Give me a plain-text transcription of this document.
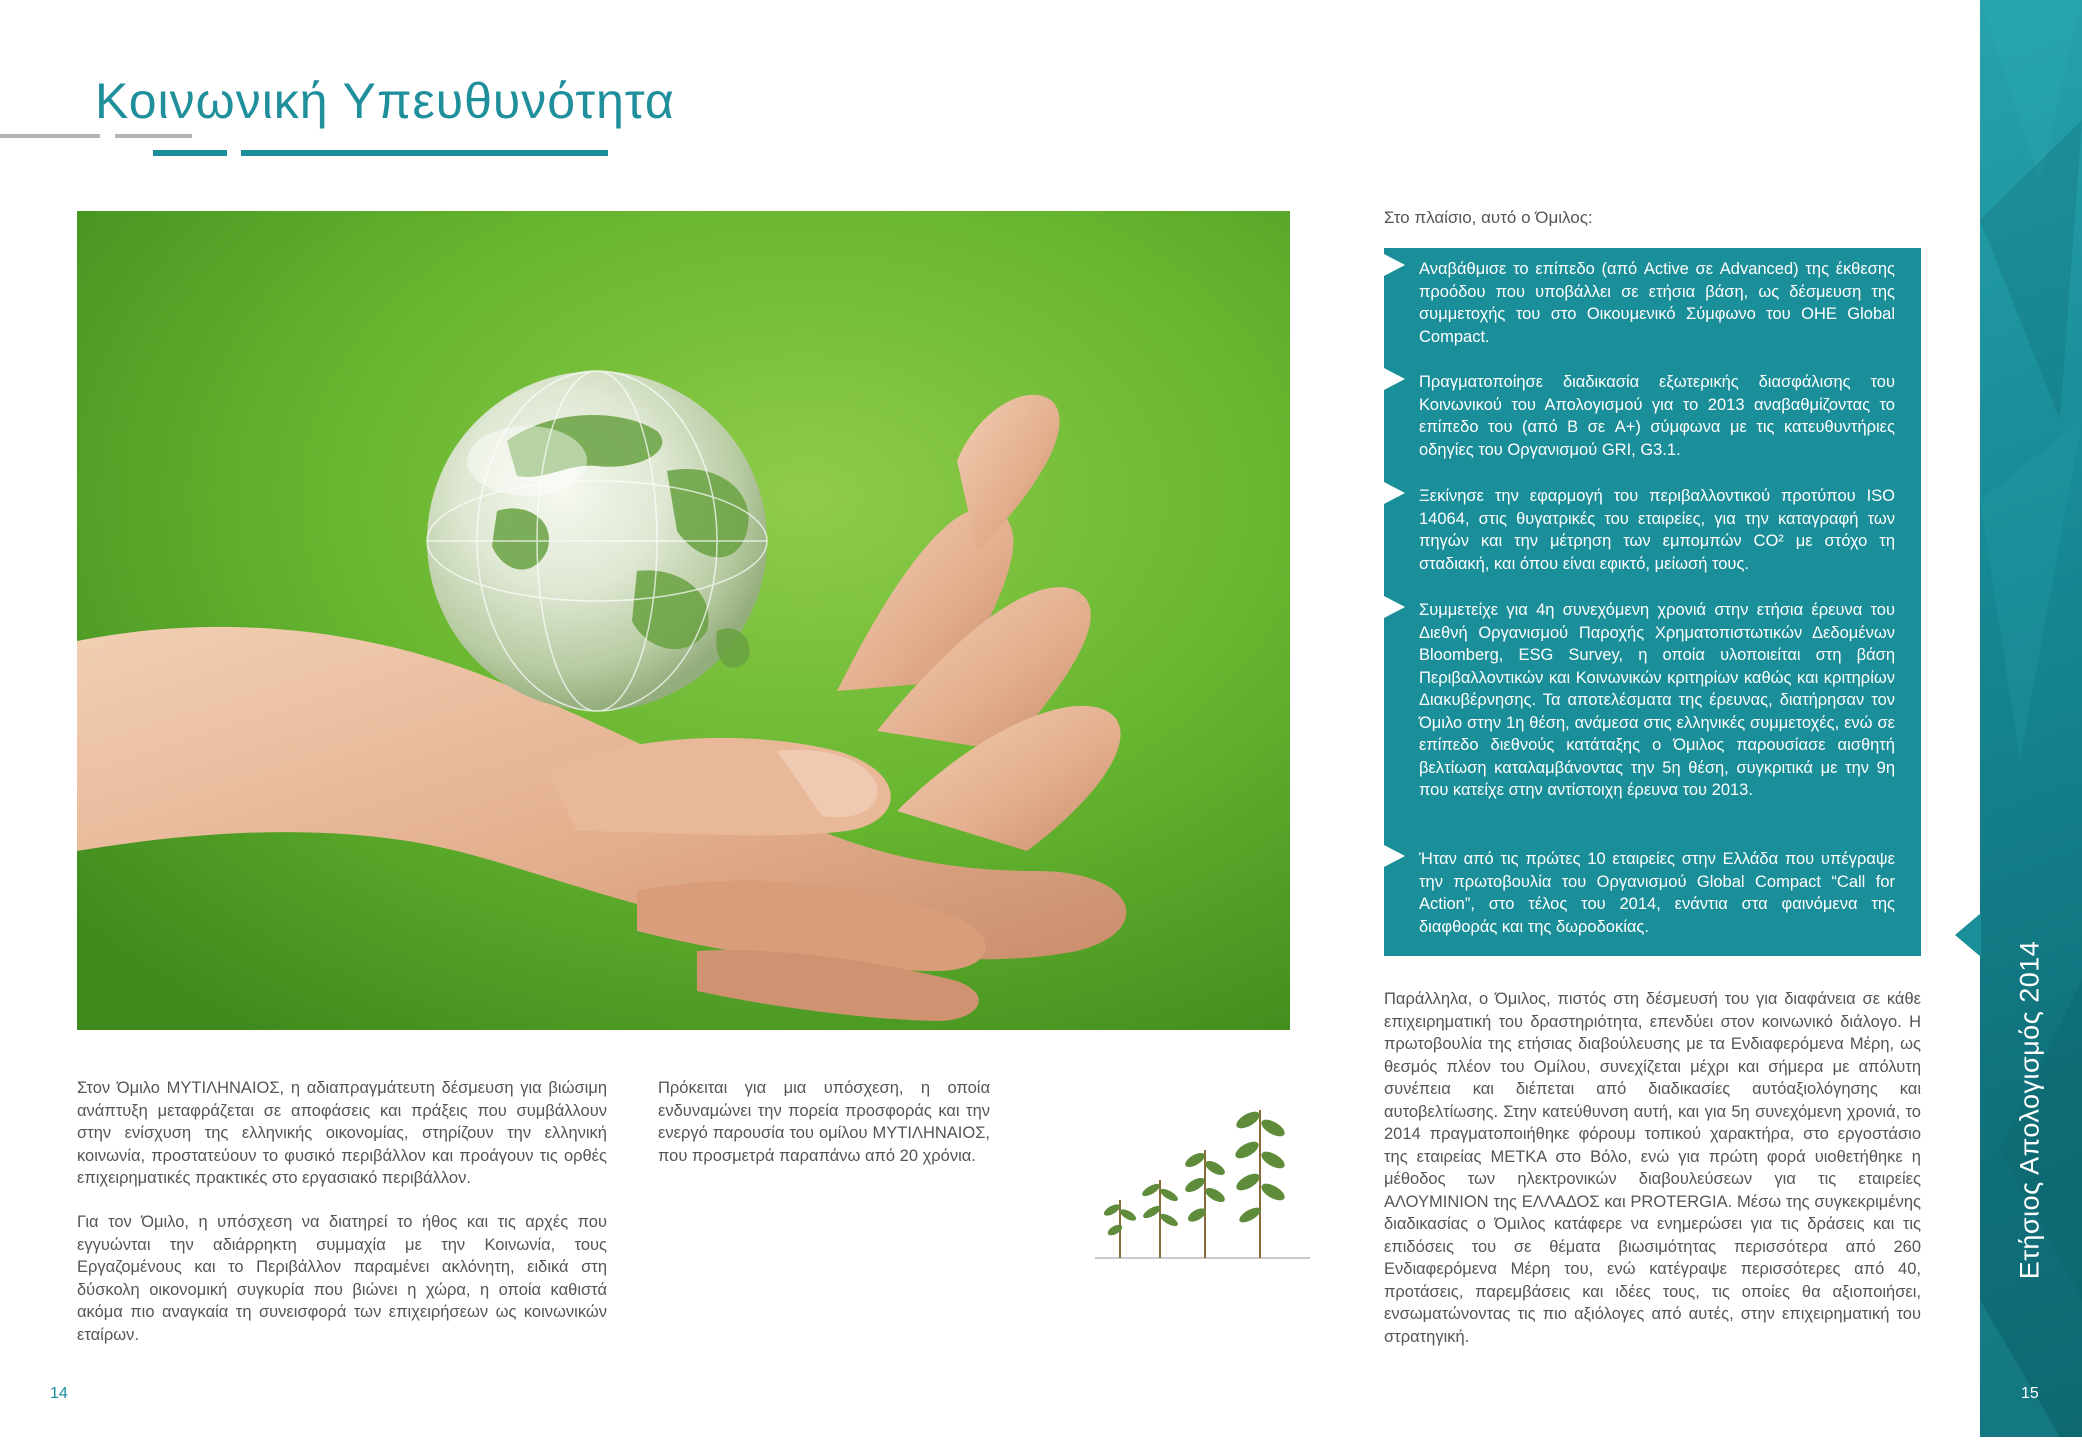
Κοινωνική Υπευθυνότητα

Στον Όμιλο ΜΥΤΙΛΗΝΑΙΟΣ, η αδιαπραγμάτευτη δέσμευση για βιώσιμη ανάπτυξη μεταφράζεται σε αποφάσεις και πράξεις που συμβάλλουν στην ενίσχυση της ελληνικής οικονομίας, στηρίζουν την ελληνική κοινωνία, προστατεύουν το φυσικό περιβάλλον και προάγουν τις ορθές επιχειρηματικές πρακτικές στο εργασιακό περιβάλλον.

Για τον Όμιλο, η υπόσχεση να διατηρεί το ήθος και τις αρχές που εγγυώνται την αδιάρρηκτη συμμαχία με την Κοινωνία, τους Εργαζομένους και το Περιβάλλον παραμένει ακλόνητη, ειδικά στη δύσκολη οικονομική συγκυρία που βιώνει η χώρα, η οποία καθιστά ακόμα πιο αναγκαία τη συνεισφορά των επιχειρήσεων ως κοινωνικών εταίρων.

Πρόκειται για μια υπόσχεση, η οποία ενδυναμώνει την πορεία προσφοράς και την ενεργό παρουσία του ομίλου ΜΥΤΙΛΗΝΑΙΟΣ, που προσμετρά παραπάνω από 20 χρόνια.

Στο πλαίσιο, αυτό ο Όμιλος:

Αναβάθμισε το επίπεδο (από Active σε Advanced) της έκθεσης προόδου που υποβάλλει σε ετήσια βάση, ως δέσμευση της συμμετοχής του στο Οικουμενικό Σύμφωνο του ΟΗΕ Global Compact.

Πραγματοποίησε διαδικασία εξωτερικής διασφάλισης του Κοινωνικού του Απολογισμού για το 2013 αναβαθμίζοντας το επίπεδο του (από B σε A+) σύμφωνα με τις κατευθυντήριες οδηγίες του Οργανισμού GRI, G3.1.

Ξεκίνησε την εφαρμογή του περιβαλλοντικού προτύπου ISO 14064, στις θυγατρικές του εταιρείες, για την καταγραφή των πηγών και την μέτρηση των εμπομπών CO² με στόχο τη σταδιακή, και όπου είναι εφικτό, μείωσή τους.

Συμμετείχε για 4η συνεχόμενη χρονιά στην ετήσια έρευνα του Διεθνή Οργανισμού Παροχής Χρηματοπιστωτικών Δεδομένων Bloomberg, ESG Survey, η οποία υλοποιείται στη βάση Περιβαλλοντικών και Κοινωνικών κριτηρίων καθώς και κριτηρίων Διακυβέρνησης. Τα αποτελέσματα της έρευνας, διατήρησαν τον Όμιλο στην 1η θέση, ανάμεσα στις ελληνικές συμμετοχές, ενώ σε επίπεδο διεθνούς κατάταξης ο Όμιλος παρουσίασε αισθητή βελτίωση καταλαμβάνοντας την 5η θέση, συγκριτικά με την 9η που κατείχε στην αντίστοιχη έρευνα του 2013.

Ήταν από τις πρώτες 10 εταιρείες στην Ελλάδα που υπέγραψε την πρωτοβουλία του Οργανισμού Global Compact “Call for Action”, στο τέλος του 2014, ενάντια στα φαινόμενα της διαφθοράς και της δωροδοκίας.

Παράλληλα, ο Όμιλος, πιστός στη δέσμευσή του για διαφάνεια σε κάθε επιχειρηματική του δραστηριότητα, επενδύει στον κοινωνικό διάλογο. Η πρωτοβουλία της ετήσιας διαβούλευσης με τα Ενδιαφερόμενα Μέρη, ως θεσμός πλέον του Ομίλου, συνεχίζεται μέχρι και σήμερα με απόλυτη συνέπεια και διέπεται από διαδικασίες αυτόαξιολόγησης και αυτοβελτίωσης. Στην κατεύθυνση αυτή, και για 5η συνεχόμενη χρονιά, το 2014 πραγματοποιήθηκε φόρουμ τοπικού χαρακτήρα, στο εργοστάσιο της εταιρείας ΜΕΤΚΑ στο Βόλο, ενώ για πρώτη φορά υιοθετήθηκε η μέθοδος των ηλεκτρονικών διαβουλεύσεων για τις εταιρείες ΑΛΟΥΜΙΝΙΟΝ της ΕΛΛΑΔΟΣ και PROTERGIA. Μέσω της συγκεκριμένης διαδικασίας ο Όμιλος κατάφερε να ενημερώσει για τις δράσεις και τις επιδόσεις του σε θέματα βιωσιμότητας περισσότερα από 260 Ενδιαφερόμενα Μέρη του, ενώ κατέγραψε περισσότερες από 40, προτάσεις, παρεμβάσεις και ιδέες τους, τις οποίες θα αξιοποιήσει, ενσωματώνοντας τις πιο αξιόλογες από αυτές, στην επιχειρηματική του στρατηγική.

Ετήσιος Απολογισμός 2014
14	15
